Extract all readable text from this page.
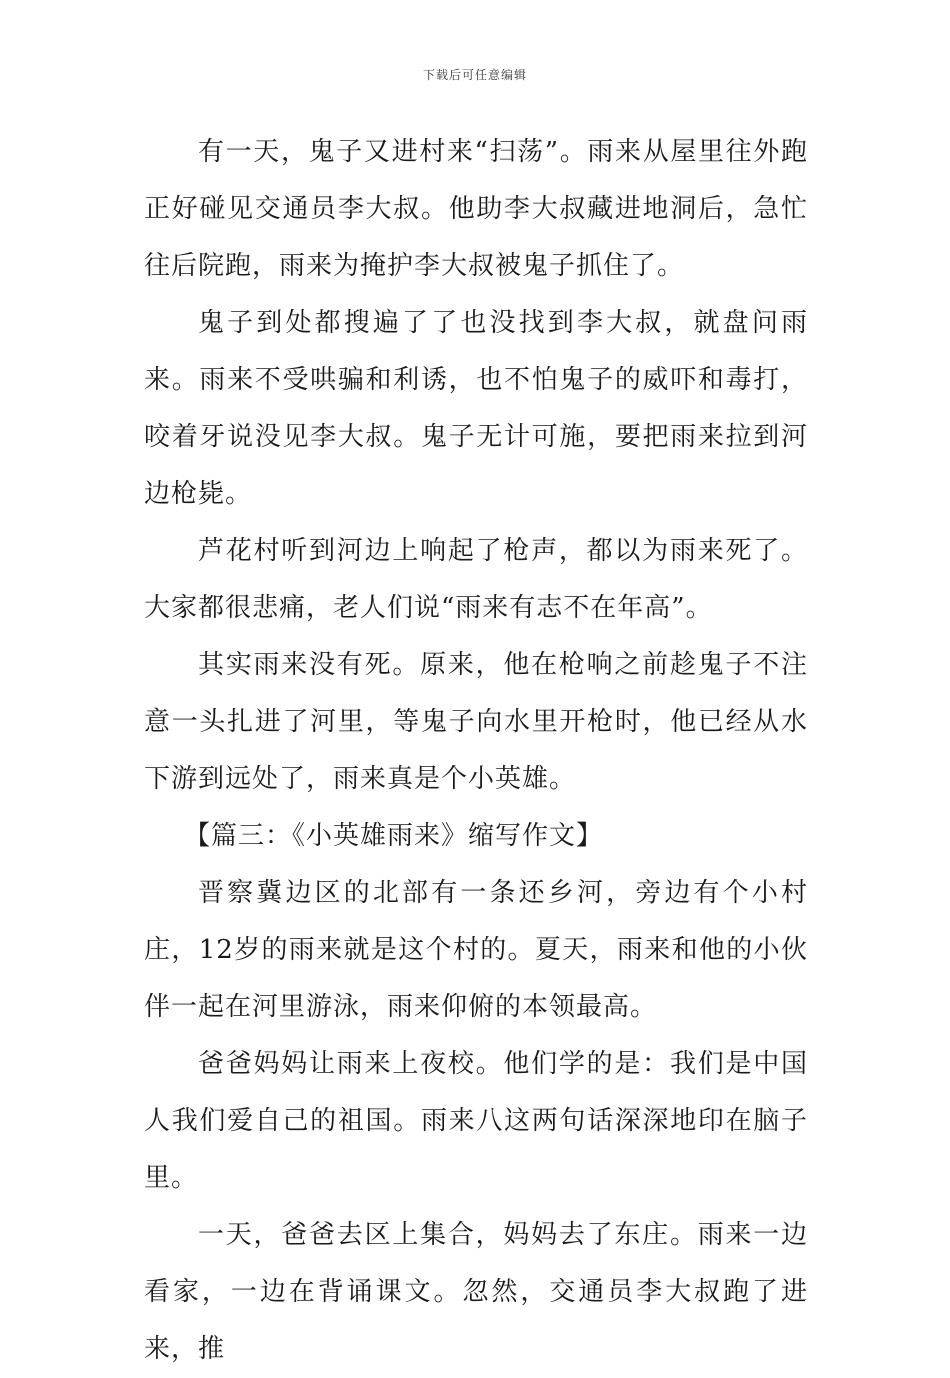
下载后可任意编辑

有一天，鬼子又进村来“扫荡”。雨来从屋里往外跑正好碰见交通员李大叔。他助李大叔藏进地洞后，急忙往后院跑，雨来为掩护李大叔被鬼子抓住了。

鬼子到处都搜遍了了也没找到李大叔，就盘问雨来。雨来不受哄骗和利诱，也不怕鬼子的威吓和毒打，咬着牙说没见李大叔。鬼子无计可施，要把雨来拉到河边枪毙。

芦花村听到河边上响起了枪声，都以为雨来死了。大家都很悲痛，老人们说“雨来有志不在年高”。

其实雨来没有死。原来，他在枪响之前趁鬼子不注意一头扎进了河里，等鬼子向水里开枪时，他已经从水下游到远处了，雨来真是个小英雄。

【篇三：《小英雄雨来》缩写作文】

晋察冀边区的北部有一条还乡河，旁边有个小村庄，12岁的雨来就是这个村的。夏天，雨来和他的小伙伴一起在河里游泳，雨来仰俯的本领最高。

爸爸妈妈让雨来上夜校。他们学的是：我们是中国人我们爱自己的祖国。雨来八这两句话深深地印在脑子里。

一天，爸爸去区上集合，妈妈去了东庄。雨来一边看家，一边在背诵课文。忽然，交通员李大叔跑了进来，推
